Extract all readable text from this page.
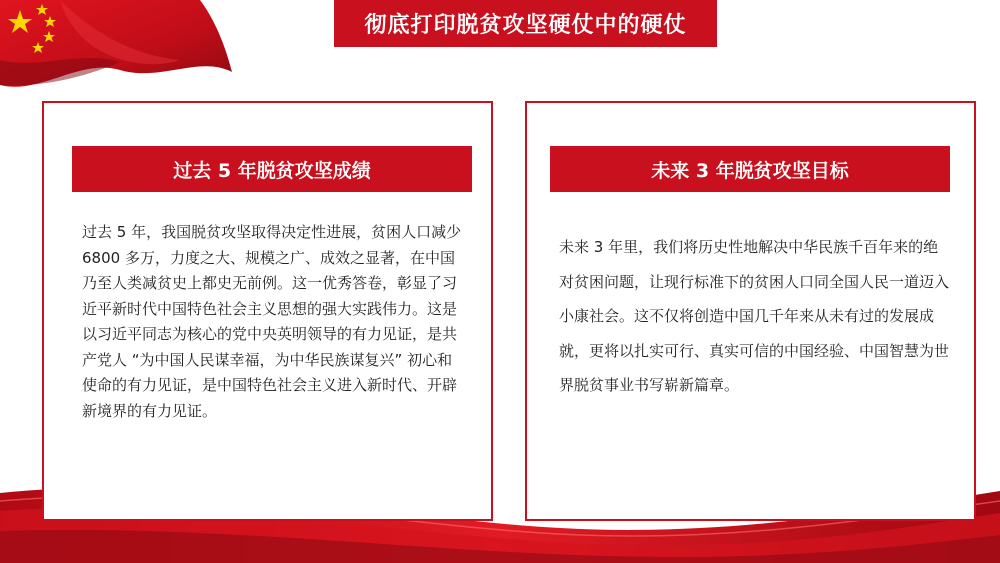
彻底打印脱贫攻坚硬仗中的硬仗
过去 5 年脱贫攻坚成绩
过去 5 年，我国脱贫攻坚取得决定性进展，贫困人口减少 6800 多万，力度之大、规模之广、成效之显著，在中国乃至人类减贫史上都史无前例。这一优秀答卷，彰显了习近平新时代中国特色社会主义思想的强大实践伟力。这是以习近平同志为核心的党中央英明领导的有力见证，是共产党人 “为中国人民谋幸福，为中华民族谋复兴” 初心和使命的有力见证，是中国特色社会主义进入新时代、开辟新境界的有力见证。
未来 3 年脱贫攻坚目标
未来 3 年里，我们将历史性地解决中华民族千百年来的绝对贫困问题，让现行标准下的贫困人口同全国人民一道迈入小康社会。这不仅将创造中国几千年来从未有过的发展成就，更将以扎实可行、真实可信的中国经验、中国智慧为世界脱贫事业书写崭新篇章。
